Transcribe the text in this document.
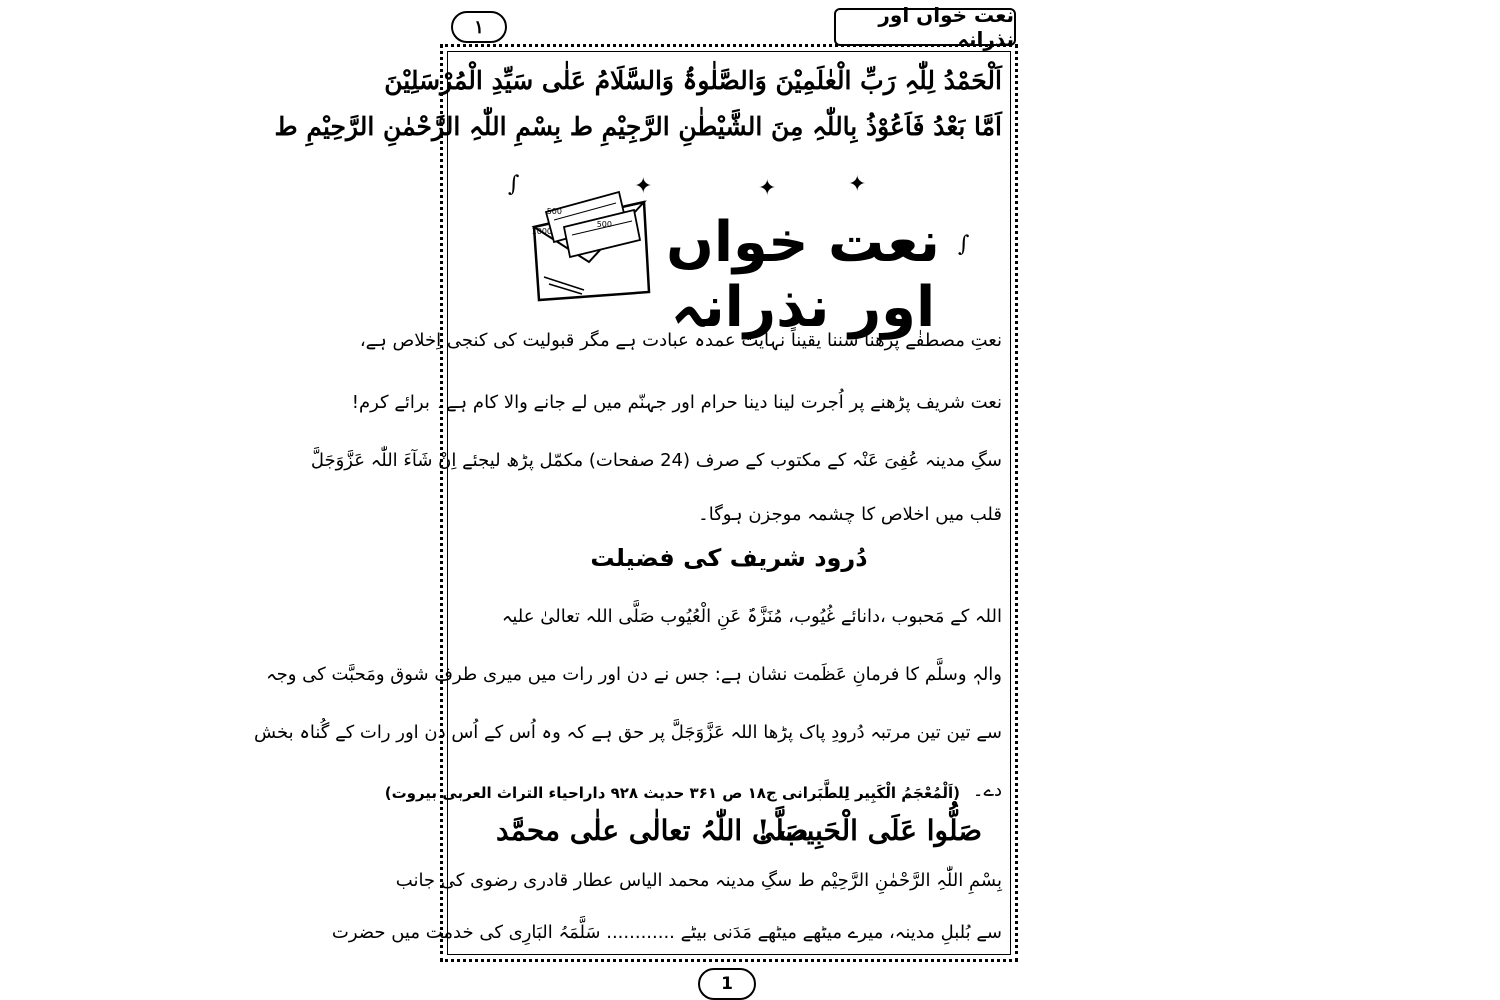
۱	نعت خواں اور نذرانہ
اَلْحَمْدُ لِلّٰہِ رَبِّ الْعٰلَمِیْنَ وَالصَّلٰوۃُ وَالسَّلَامُ عَلٰی سَیِّدِ الْمُرْسَلِیْنَ
اَمَّا بَعْدُ فَاَعُوْذُ بِاللّٰہِ مِنَ الشَّیْطٰنِ الرَّجِیْمِ ط بِسْمِ اللّٰہِ الرَّحْمٰنِ الرَّحِیْمِ ط
∫	✦	✦	✦
∫
500
1000
500 نعت خواں اور نذرانہ
نعتِ مصطفٰے پڑھنا سننا یقیناً نہایت عمدہ عبادت ہے مگر قبولیت کی کنجی اِخلاص ہے،
نعت شریف پڑھنے پر اُجرت لینا دینا حرام اور جہنّم میں لے جانے والا کام ہے۔ برائے کرم!
سگِ مدینہ عُفِیَ عَنْہ کے مکتوب کے صرف (24 صفحات) مکمّل پڑھ لیجئے اِنْ شَآءَ اللّٰہ عَزَّوَجَلَّ
قلب میں اخلاص کا چشمہ موجزن ہوگا۔
دُرود شریف کی فضیلت
اللہ کے مَحبوب ،دانائے غُیُوب، مُنَزَّہٌ عَنِ الْعُیُوب صَلَّی اللہ تعالیٰ علیہ
والہٖ وسلَّم کا فرمانِ عَظَمت نشان ہے: جس نے دن اور رات میں میری طرف شوق ومَحبَّت کی وجہ
سے تین تین مرتبہ دُرودِ پاک پڑھا اللہ عَزَّوَجَلَّ پر حق ہے کہ وہ اُس کے اُس دن اور رات کے گُناہ بخش
دے۔
(اَلْمُعْجَمُ الْکَبِیر لِلطَّبَرانی ج۱۸ ص ۳۶۱ حدیث ۹۲۸ داراحیاء التراث العربی بیروت)
صَلُّوا عَلَی الْحَبِیب !
صَلَّی اللّٰہُ تعالٰی علٰی محمَّد
بِسْمِ اللّٰہِ الرَّحْمٰنِ الرَّحِیْم ط سگِ مدینہ محمد الیاس عطار قادری رضوی کی جانب
سے بُلبلِ مدینہ، میرے میٹھے میٹھے مَدَنی بیٹے ............ سَلَّمَہُ البَارِی کی خدمت میں حضرت
1
